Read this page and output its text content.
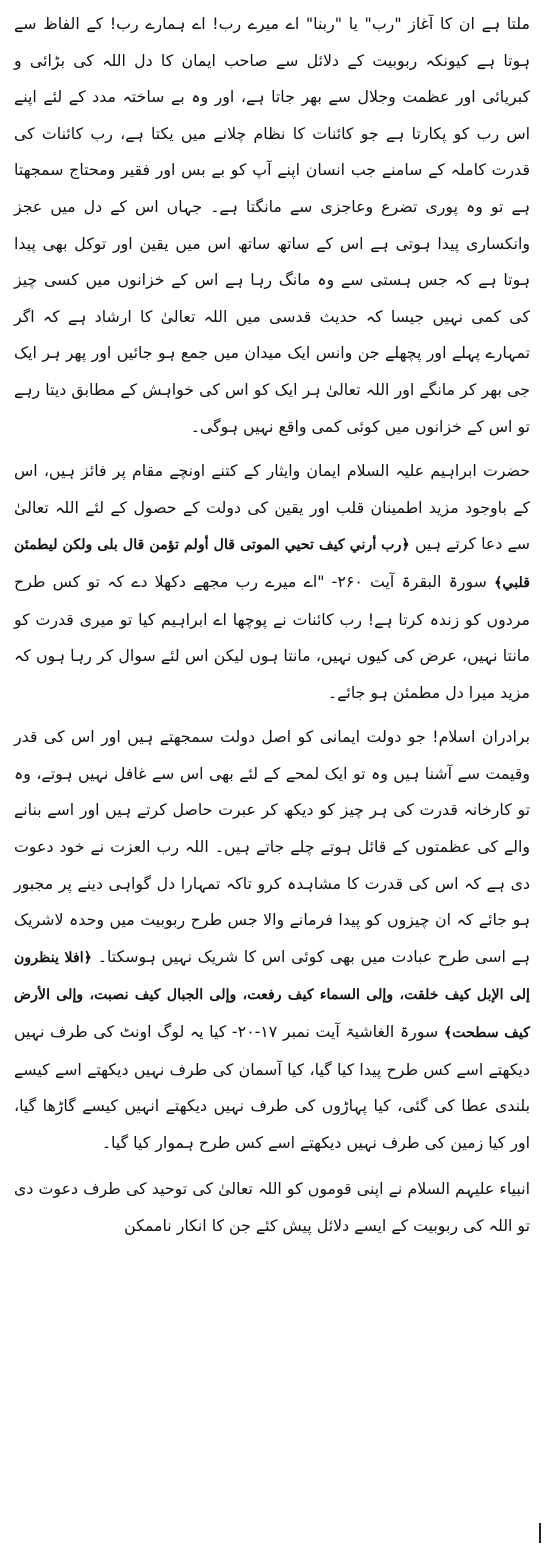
ملتا ہے ان کا آغاز "رب" یا "ربنا" اے میرے رب! اے ہمارے رب! کے الفاظ سے ہوتا ہے کیونکہ ربوبیت کے دلائل سے صاحب ایمان کا دل اللہ کی بڑائی و کبریائی اور عظمت وجلال سے بھر جاتا ہے، اور وہ بے ساختہ مدد کے لئے اپنے اس رب کو پکارتا ہے جو کائنات کا نظام چلانے میں یکتا ہے، رب کائنات کی قدرت کاملہ کے سامنے جب انسان اپنے آپ کو بے بس اور فقیر ومحتاج سمجھتا ہے تو وہ پوری تضرع وعاجزی سے مانگتا ہے۔ جہاں اس کے دل میں عجز وانکساری پیدا ہوتی ہے اس کے ساتھ ساتھ اس میں یقین اور توکل بھی پیدا ہوتا ہے کہ جس ہستی سے وہ مانگ رہا ہے اس کے خزانوں میں کسی چیز کی کمی نہیں جیسا کہ حدیث قدسی میں اللہ تعالیٰ کا ارشاد ہے کہ اگر تمہارے پہلے اور پچھلے جن وانس ایک میدان میں جمع ہو جائیں اور پھر ہر ایک جی بھر کر مانگے اور اللہ تعالیٰ ہر ایک کو اس کی خواہش کے مطابق دیتا رہے تو اس کے خزانوں میں کوئی کمی واقع نہیں ہوگی۔

حضرت ابراہیم علیہ السلام ایمان وایثار کے کتنے اونچے مقام پر فائز ہیں، اس کے باوجود مزید اطمینان قلب اور یقین کی دولت کے حصول کے لئے اللہ تعالیٰ سے دعا کرتے ہیں ﴿رب أرني كيف تحيي الموتى قال أولم تؤمن قال بلى ولكن ليطمئن قلبي﴾ سورۃ البقرۃ آیت ۲۶۰- "اے میرے رب مجھے دکھلا دے کہ تو کس طرح مردوں کو زندہ کرتا ہے! رب کائنات نے پوچھا اے ابراہیم کیا تو میری قدرت کو مانتا نہیں، عرض کی کیوں نہیں، مانتا ہوں لیکن اس لئے سوال کر رہا ہوں کہ مزید میرا دل مطمئن ہو جائے۔

برادران اسلام! جو دولت ایمانی کو اصل دولت سمجھتے ہیں اور اس کی قدر وقیمت سے آشنا ہیں وہ تو ایک لمحے کے لئے بھی اس سے غافل نہیں ہوتے، وہ تو کارخانہ قدرت کی ہر چیز کو دیکھ کر عبرت حاصل کرتے ہیں اور اسے بنانے والے کی عظمتوں کے قائل ہوتے چلے جاتے ہیں۔ اللہ رب العزت نے خود دعوت دی ہے کہ اس کی قدرت کا مشاہدہ کرو تاکہ تمہارا دل گواہی دینے پر مجبور ہو جائے کہ ان چیزوں کو پیدا فرمانے والا جس طرح ربوبیت میں وحدہ لاشریک ہے اسی طرح عبادت میں بھی کوئی اس کا شریک نہیں ہوسکتا۔ ﴿افلا ينظرون إلى الإبل كيف خلقت، وإلى السماء كيف رفعت، وإلى الجبال كيف نصبت، وإلى الأرض كيف سطحت﴾ سورۃ الغاشیۃ آیت نمبر ۱۷-۲۰- کیا یہ لوگ اونٹ کی طرف نہیں دیکھتے اسے کس طرح پیدا کیا گیا، کیا آسمان کی طرف نہیں دیکھتے اسے کیسے بلندی عطا کی گئی، کیا پہاڑوں کی طرف نہیں دیکھتے انہیں کیسے گاڑھا گیا، اور کیا زمین کی طرف نہیں دیکھتے اسے کس طرح ہموار کیا گیا۔

انبیاء علیہم السلام نے اپنی قوموں کو اللہ تعالیٰ کی توحید کی طرف دعوت دی تو اللہ کی ربوبیت کے ایسے دلائل پیش کئے جن کا انکار ناممکن
